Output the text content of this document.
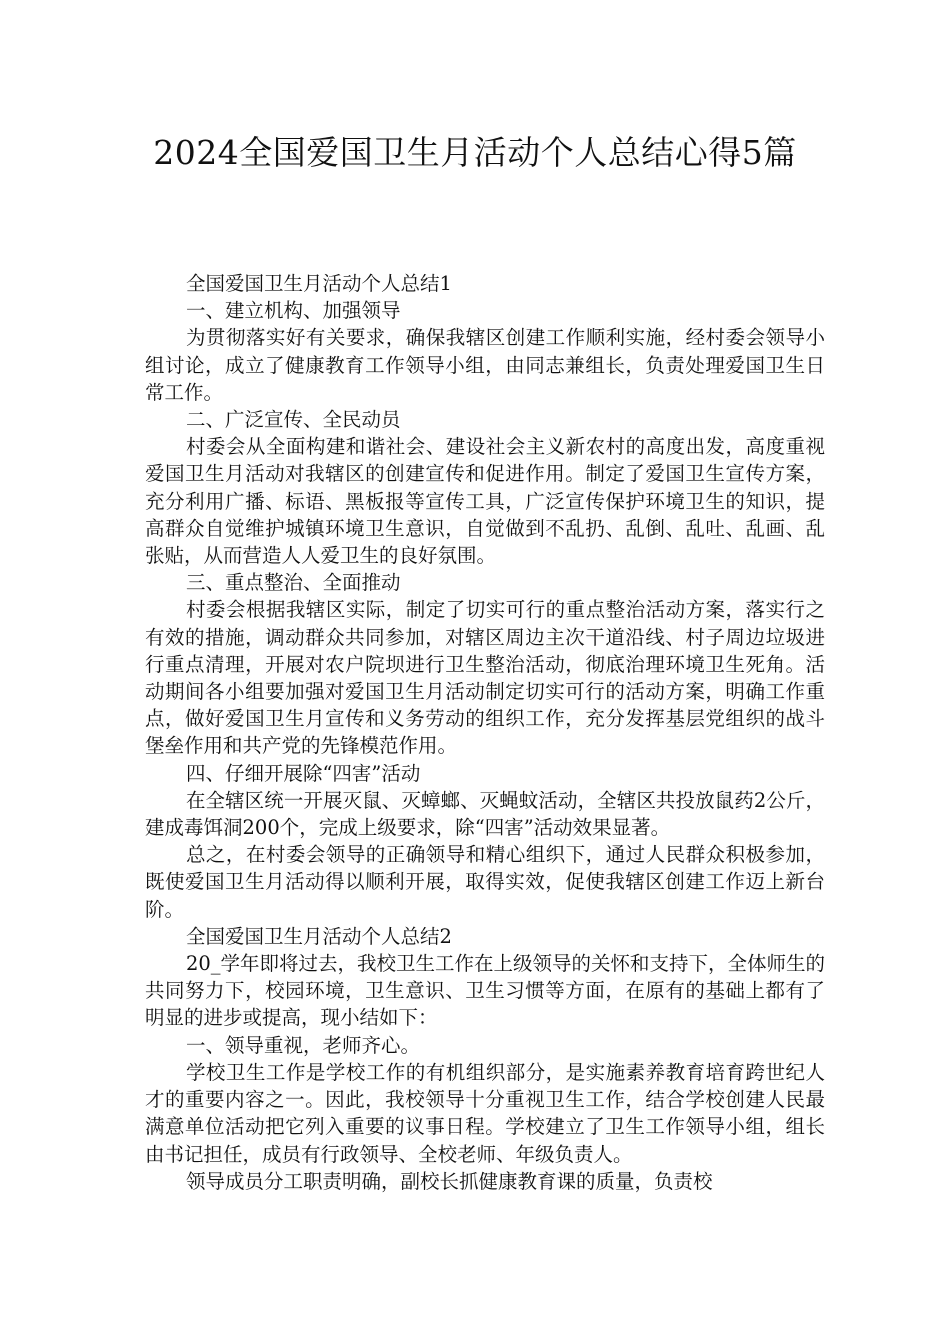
2024全国爱国卫生月活动个人总结心得5篇

全国爱国卫生月活动个人总结1

一、建立机构、加强领导

为贯彻落实好有关要求，确保我辖区创建工作顺利实施，经村委会领导小组讨论，成立了健康教育工作领导小组，由同志兼组长，负责处理爱国卫生日常工作。

二、广泛宣传、全民动员

村委会从全面构建和谐社会、建设社会主义新农村的高度出发，高度重视爱国卫生月活动对我辖区的创建宣传和促进作用。制定了爱国卫生宣传方案，充分利用广播、标语、黑板报等宣传工具，广泛宣传保护环境卫生的知识，提高群众自觉维护城镇环境卫生意识，自觉做到不乱扔、乱倒、乱吐、乱画、乱张贴，从而营造人人爱卫生的良好氛围。

三、重点整治、全面推动

村委会根据我辖区实际，制定了切实可行的重点整治活动方案，落实行之有效的措施，调动群众共同参加，对辖区周边主次干道沿线、村子周边垃圾进行重点清理，开展对农户院坝进行卫生整治活动，彻底治理环境卫生死角。活动期间各小组要加强对爱国卫生月活动制定切实可行的活动方案，明确工作重点，做好爱国卫生月宣传和义务劳动的组织工作，充分发挥基层党组织的战斗堡垒作用和共产党的先锋模范作用。

四、仔细开展除“四害”活动

在全辖区统一开展灭鼠、灭蟑螂、灭蝇蚊活动，全辖区共投放鼠药2公斤，建成毒饵洞200个，完成上级要求，除“四害”活动效果显著。

总之，在村委会领导的正确领导和精心组织下，通过人民群众积极参加，既使爱国卫生月活动得以顺利开展，取得实效，促使我辖区创建工作迈上新台阶。

全国爱国卫生月活动个人总结2

20_学年即将过去，我校卫生工作在上级领导的关怀和支持下，全体师生的共同努力下，校园环境，卫生意识、卫生习惯等方面，在原有的基础上都有了明显的进步或提高，现小结如下：

一、领导重视，老师齐心。

学校卫生工作是学校工作的有机组织部分，是实施素养教育培育跨世纪人才的重要内容之一。因此，我校领导十分重视卫生工作，结合学校创建人民最满意单位活动把它列入重要的议事日程。学校建立了卫生工作领导小组，组长由书记担任，成员有行政领导、全校老师、年级负责人。

领导成员分工职责明确，副校长抓健康教育课的质量，负责校
